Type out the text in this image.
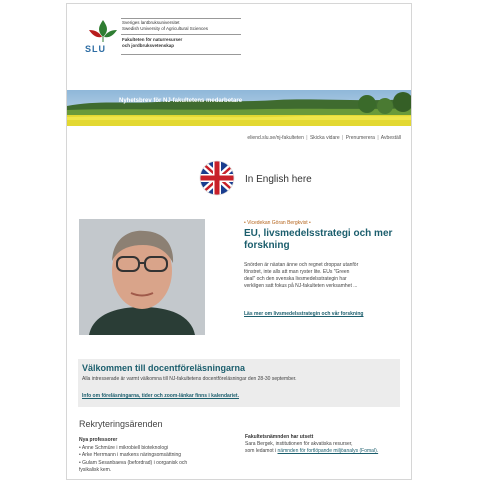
SLU
Sveriges lantbruksuniversitet
Swedish University of Agricultural Sciences
Fakulteten för naturresurser
och jordbruksvetenskap
Nyhetsbrev för NJ-fakultetens medarbetare
eliend.slu.se/nj-fakulteten | Skicka vidare | Prenumerera | Avbeställ
In English here
• Vicedekan Göran Bergkvist •
EU, livsmedelsstrategi och mer
forskning
Snörden är nästan änne och regnet droppar utanför
fönstret, inte alls att man ryster lite. EUs "Green
deal" och den svenska livsmedelsstrategin har
verkligen satt fokus på NJ-fakulteten verksamhet ...
Läs mer om livsmedelsstrategin och vår forskning
Välkommen till docentföreläsningarna
Alla intresserade är varmt välkomna till NJ-fakultetens docentföreläsningar den 28-30 september.
Info om föreläsningarna, tider och zoom-länkar finns i kalendariet.
Rekryteringsärenden
Nya professorer
• Anne Schmüre i mikrobiell bioteknologi
• Arke Herrmann i markens näringsomsättning
• Gulam Sesanbaeva (befordrad) i oorganisk och
fysikalisk kem.
Fakultetsnämnden har utsett
Sara Bergek, institutionen för akvatiska resurser,
som ledamot i nämnden för fortlöpande miljöanalys (Fomal).
